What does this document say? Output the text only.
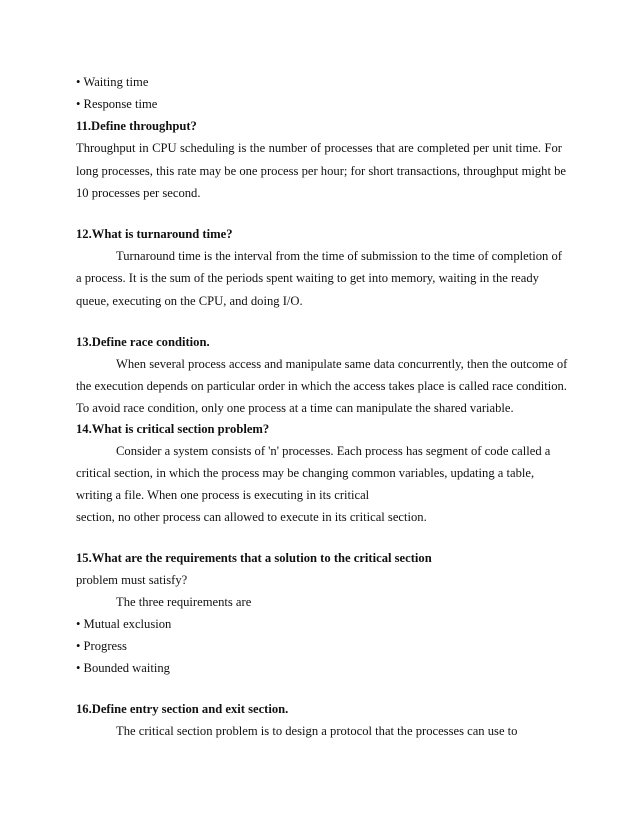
• Waiting time
• Response time
11.Define throughput?
Throughput in CPU scheduling is the number of processes that are completed per unit time. For
long processes, this rate may be one process per hour; for short transactions, throughput might be
10 processes per second.
12.What is turnaround time?
Turnaround time is the interval from the time of submission to the time of completion of
a process. It is the sum of the periods spent waiting to get into memory, waiting in the ready
queue, executing on the CPU, and doing I/O.
13.Define race condition.
When several process access and manipulate same data concurrently, then the outcome of
the execution depends on particular order in which the access takes place is called race condition.
To avoid race condition, only one process at a time can manipulate the shared variable.
14.What is critical section problem?
Consider a system consists of 'n' processes. Each process has segment of code called a
critical section, in which the process may be changing common variables, updating a table,
writing a file. When one process is executing in its critical
section, no other process can allowed to execute in its critical section.
15.What are the requirements that a solution to the critical section
problem must satisfy?
The three requirements are
• Mutual exclusion
• Progress
• Bounded waiting
16.Define entry section and exit section.
The critical section problem is to design a protocol that the processes can use to
